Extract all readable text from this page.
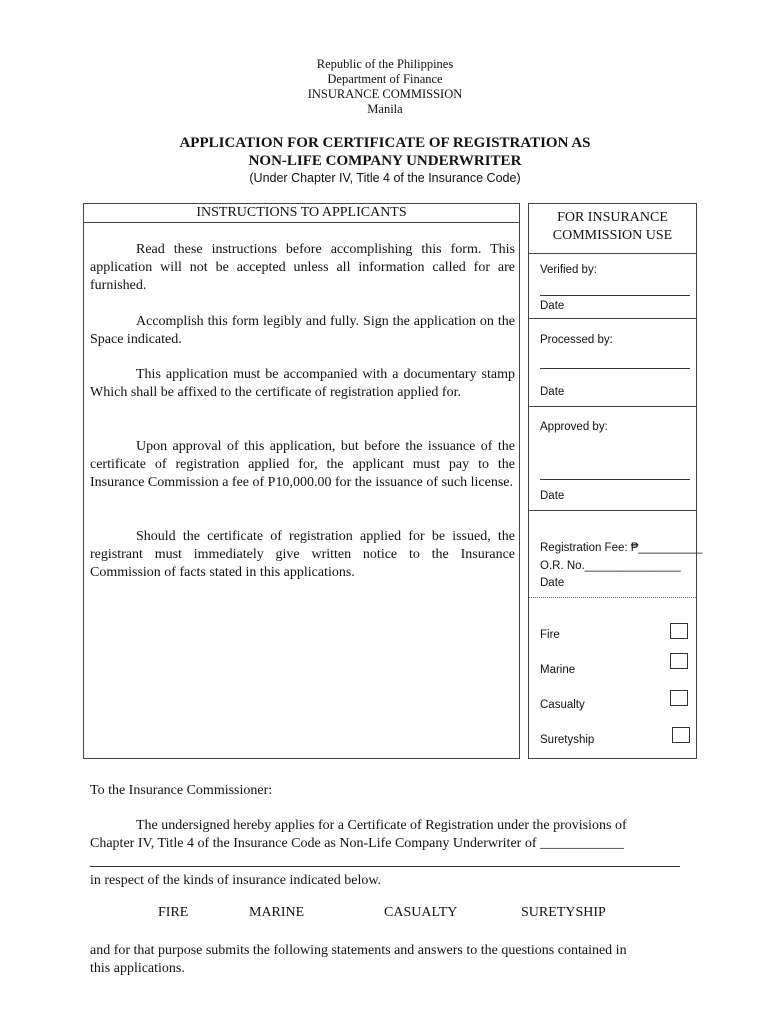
Republic of the Philippines
Department of Finance
INSURANCE COMMISSION
Manila
APPLICATION FOR CERTIFICATE OF REGISTRATION AS
NON-LIFE COMPANY UNDERWRITER
(Under Chapter IV, Title 4 of the Insurance Code)
INSTRUCTIONS TO APPLICANTS
Read these instructions before accomplishing this form. This application will not be accepted unless all information called for are furnished.
Accomplish this form legibly and fully. Sign the application on the Space indicated.
This application must be accompanied with a documentary stamp Which shall be affixed to the certificate of registration applied for.
Upon approval of this application, but before the issuance of the certificate of registration applied for, the applicant must pay to the Insurance Commission a fee of P10,000.00 for the issuance of such license.
Should the certificate of registration applied for be issued, the registrant must immediately give written notice to the Insurance Commission of facts stated in this applications.
FOR INSURANCE COMMISSION USE
Verified by:
Date
Processed by:
Date
Approved by:
Date
Registration Fee: ₱__________
O.R. No._______________
Date
Fire
Marine
Casualty
Suretyship
To the Insurance Commissioner:
The undersigned hereby applies for a Certificate of Registration under the provisions of
Chapter IV, Title 4 of the Insurance Code as Non-Life Company Underwriter of ____________
in respect of the kinds of insurance indicated below.
FIRE	MARINE	CASUALTY	SURETYSHIP
and for that purpose submits the following statements and answers to the questions contained in
this applications.
